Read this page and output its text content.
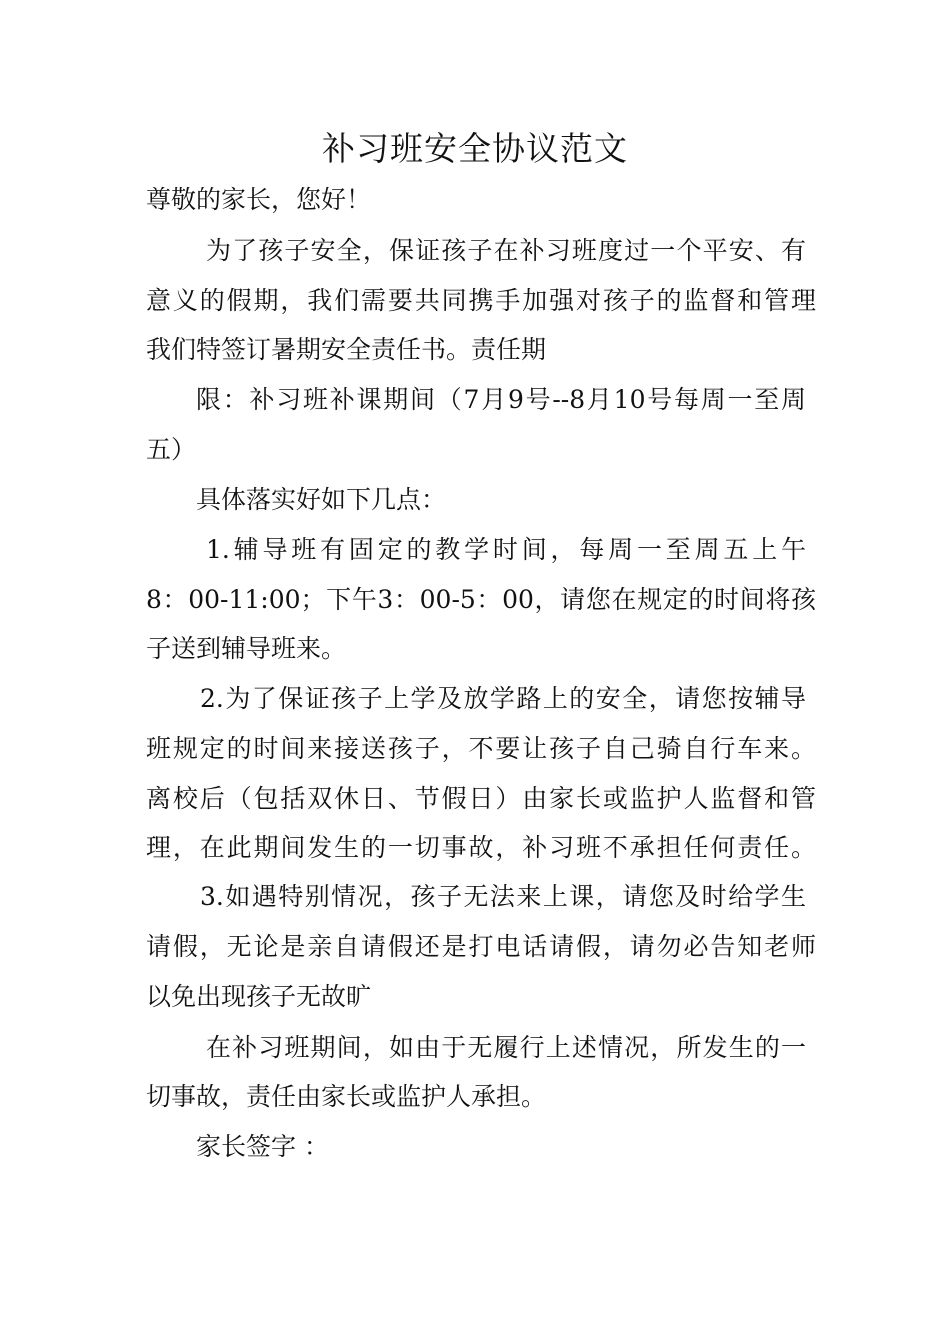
补习班安全协议范文

尊敬的家长，您好！

为了孩子安全，保证孩子在补习班度过一个平安、有

意义的假期，我们需要共同携手加强对孩子的监督和管理

我们特签订暑期安全责任书。责任期

限：补习班补课期间（7月9号--8月10号每周一至周

五）

具体落实好如下几点：

1.辅导班有固定的教学时间，每周一至周五上午

8：00-11:00；下午3：00-5：00，请您在规定的时间将孩

子送到辅导班来。

2.为了保证孩子上学及放学路上的安全，请您按辅导

班规定的时间来接送孩子，不要让孩子自己骑自行车来。

离校后（包括双休日、节假日）由家长或监护人监督和管

理，在此期间发生的一切事故，补习班不承担任何责任。

3.如遇特别情况，孩子无法来上课，请您及时给学生

请假，无论是亲自请假还是打电话请假，请勿必告知老师

以免出现孩子无故旷

在补习班期间，如由于无履行上述情况，所发生的一

切事故，责任由家长或监护人承担。

家长签字 ：
